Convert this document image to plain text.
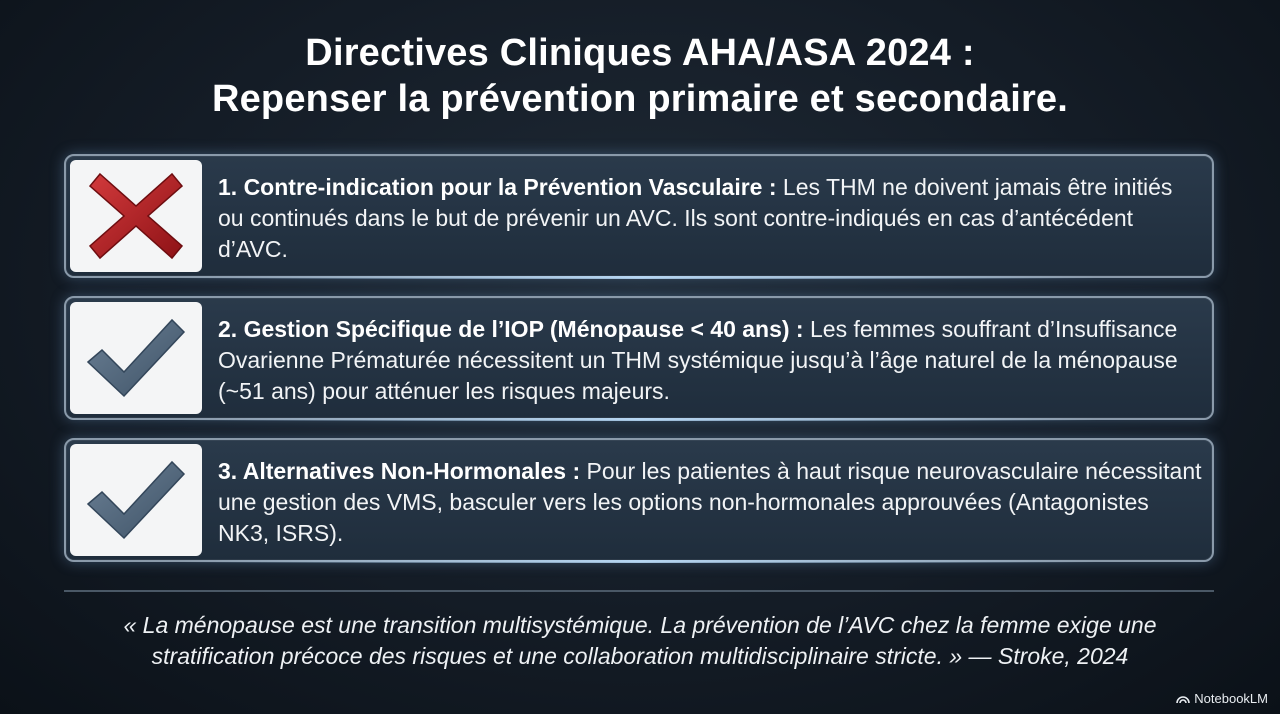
Directives Cliniques AHA/ASA 2024 :
Repenser la prévention primaire et secondaire.
1. Contre-indication pour la Prévention Vasculaire : Les THM ne doivent jamais être initiés ou continués dans le but de prévenir un AVC. Ils sont contre-indiqués en cas d’antécédent d’AVC.
2. Gestion Spécifique de l’IOP (Ménopause < 40 ans) : Les femmes souffrant d’Insuffisance Ovarienne Prématurée nécessitent un THM systémique jusqu’à l’âge naturel de la ménopause (~51 ans) pour atténuer les risques majeurs.
3. Alternatives Non-Hormonales : Pour les patientes à haut risque neurovasculaire nécessitant une gestion des VMS, basculer vers les options non-hormonales approuvées (Antagonistes NK3, ISRS).
« La ménopause est une transition multisystémique. La prévention de l’AVC chez la femme exige une
stratification précoce des risques et une collaboration multidisciplinaire stricte. » — Stroke, 2024
NotebookLM
